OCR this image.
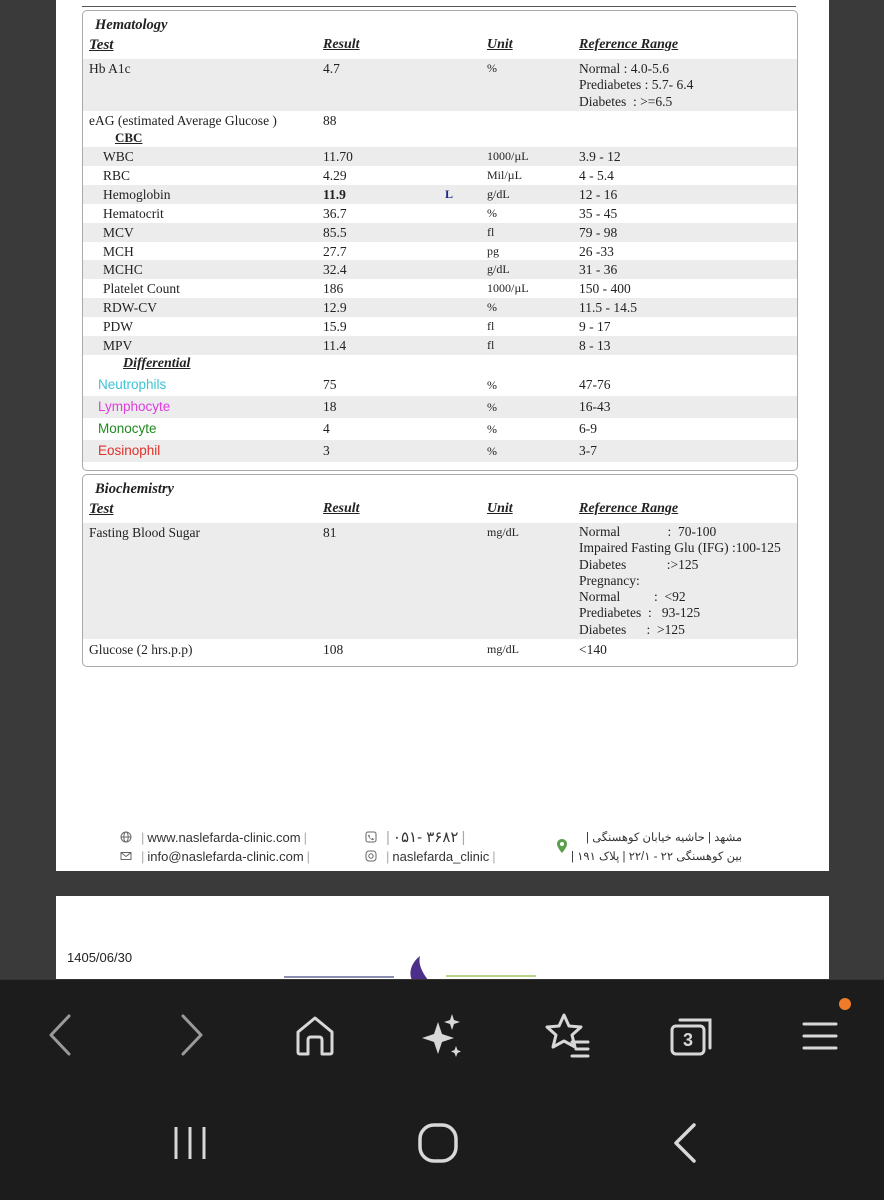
Hematology
Test	Result	Unit	Reference Range
Hb A1c	4.7	%	Normal : 4.0-5.6
Prediabetes : 5.7- 6.4
Diabetes  : >=6.5
eAG (estimated Average Glucose )	88
CBC
WBC	11.70	1000/µL	3.9 - 12
RBC	4.29	Mil/µL	4 - 5.4
Hemoglobin	11.9	L	g/dL	12 - 16
Hematocrit	36.7	%	35 - 45
MCV	85.5	fl	79 - 98
MCH	27.7	pg	26 -33
MCHC	32.4	g/dL	31 - 36
Platelet Count	186	1000/µL	150 - 400
RDW-CV	12.9	%	11.5 - 14.5
PDW	15.9	fl	9 - 17
MPV	11.4	fl	8 - 13
Differential
Neutrophils	75	%	47-76
Lymphocyte	18	%	16-43
Monocyte	4	%	6-9
Eosinophil	3	%	3-7
Biochemistry
Test	Result	Unit	Reference Range
Fasting Blood Sugar	81	mg/dL	Normal              :  70-100
Impaired Fasting Glu (IFG) :100-125
Diabetes            :>125
Pregnancy:
Normal          :  <92
Prediabetes  :   93-125
Diabetes      :  >125
Glucose (2 hrs.p.p)	108	mg/dL	<140
| www.naslefarda-clinic.com |
| info@naslefarda-clinic.com |
| ۰۵۱- ۳۶۸۲ |
| naslefarda_clinic |
مشهد | حاشیه خیابان کوهسنگی |
بین کوهسنگی ۲۲ - ۲۲/۱ | پلاک ۱۹۱ |
1405/06/30
3
